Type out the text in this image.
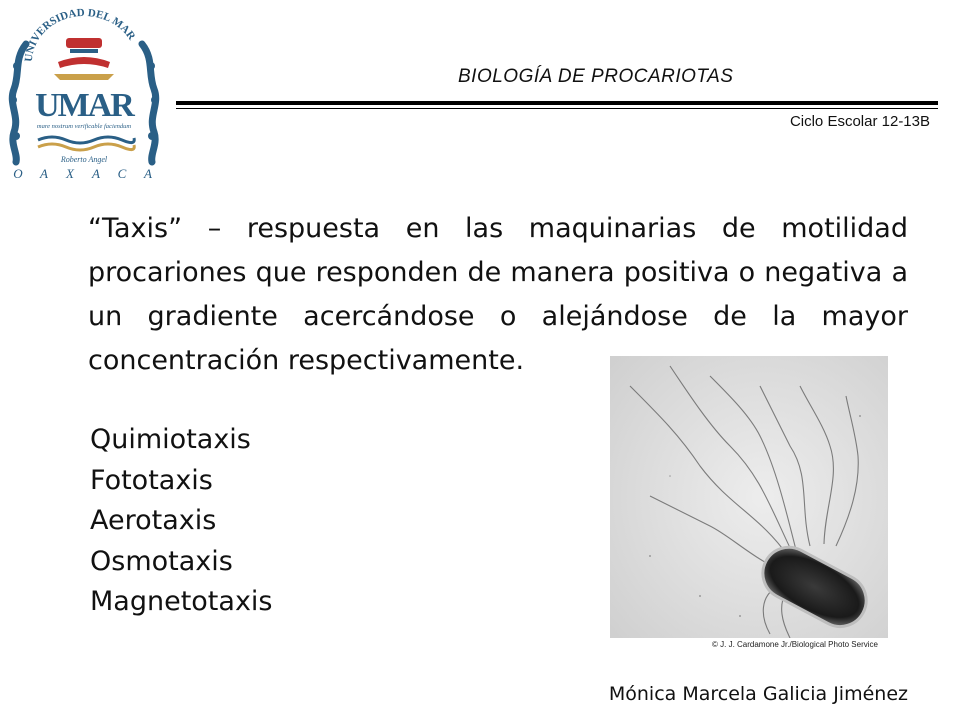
UNIVERSIDAD DEL MAR
UMAR
mare nostrum verificable faciendum
Roberto Angel
O A X A C A
BIOLOGÍA DE PROCARIOTAS
Ciclo Escolar 12-13B

“Taxis” – respuesta en las maquinarias de motilidad procariones que responden de manera positiva o negativa a un gradiente acercándose o alejándose de la mayor concentración respectivamente.

Quimiotaxis
Fototaxis
Aerotaxis
Osmotaxis
Magnetotaxis
© J. J. Cardamone Jr./Biological Photo Service
Mónica Marcela Galicia Jiménez
